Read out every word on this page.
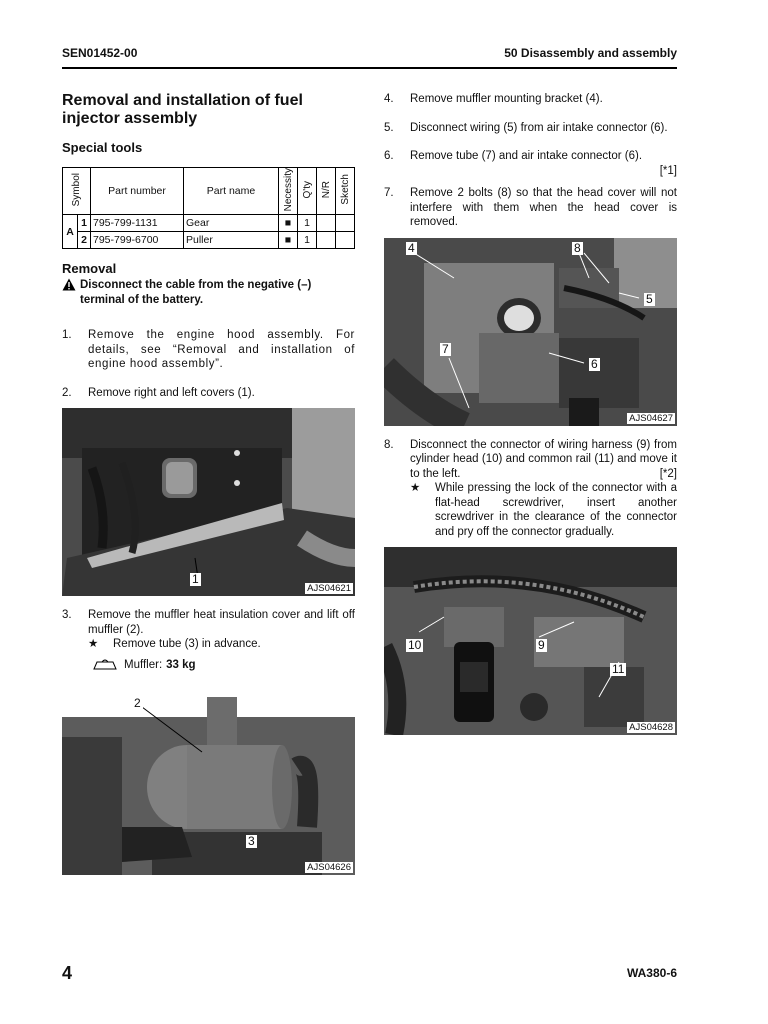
SEN01452-00	50 Disassembly and assembly
Removal and installation of fuel injector assembly
Special tools
Symbol		Part number	Part name	Necessity	Q'ty	N/R	Sketch
A	1	795-799-1131	Gear	■	1		
	2	795-799-6700	Puller	■	1		
Removal
Disconnect the cable from the negative (–) terminal of the battery.
1.	Remove the engine hood assembly. For details, see “Removal and installation of engine hood assembly”.
2.	Remove right and left covers (1).
1
AJS04621
3.	Remove the muffler heat insulation cover and lift off muffler (2).
★	Remove tube (3) in advance.
Muffler: 33 kg
2
3
AJS04626
4.	Remove muffler mounting bracket (4).
5.	Disconnect wiring (5) from air intake connector (6).
6.	Remove tube (7) and air intake connector (6).
[*1]
7.	Remove 2 bolts (8) so that the head cover will not interfere with them when the head cover is removed.
4	8
5
7
6
AJS04627
8.	Disconnect the connector of wiring harness (9) from cylinder head (10) and common rail (11) and move it to the left.	[*2]
★	While pressing the lock of the connector with a flat-head screwdriver, insert another screwdriver in the clearance of the connector and pry off the connector gradually.
10	9
11
AJS04628
4	WA380-6
